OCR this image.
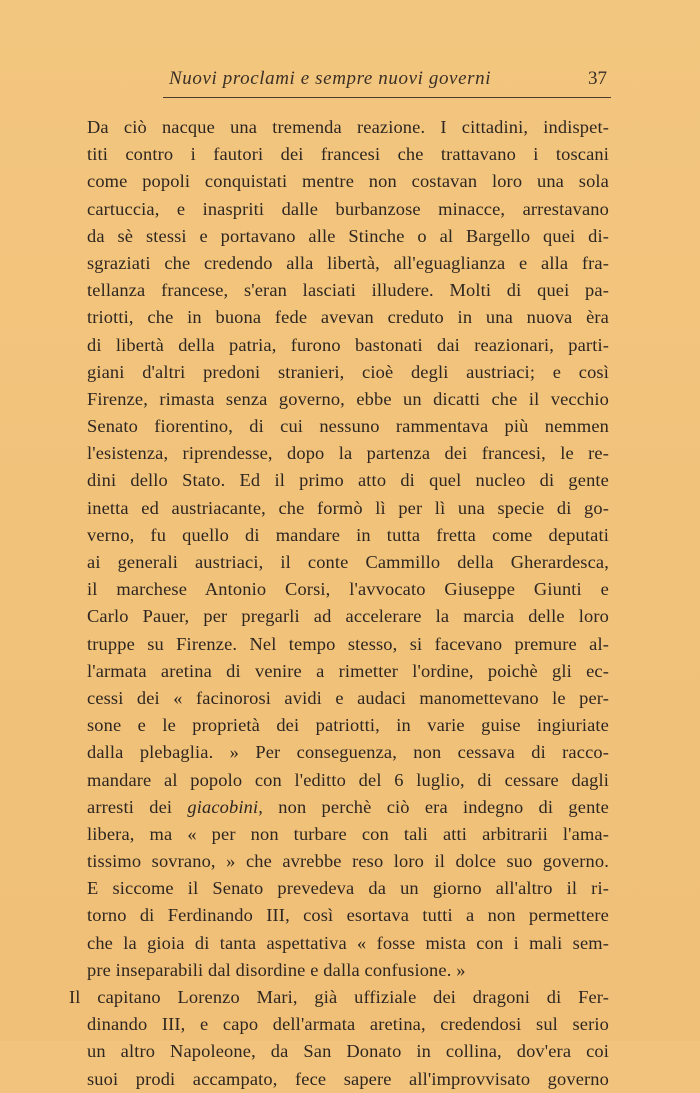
Nuovi proclami e sempre nuovi governi	37
Da ciò nacque una tremenda reazione. I cittadini, indispet-
titi contro i fautori dei francesi che trattavano i toscani
come popoli conquistati mentre non costavan loro una sola
cartuccia, e inaspriti dalle burbanzose minacce, arrestavano
da sè stessi e portavano alle Stinche o al Bargello quei di-
sgraziati che credendo alla libertà, all'eguaglianza e alla fra-
tellanza francese, s'eran lasciati illudere. Molti di quei pa-
triotti, che in buona fede avevan creduto in una nuova èra
di libertà della patria, furono bastonati dai reazionari, parti-
giani d'altri predoni stranieri, cioè degli austriaci; e così
Firenze, rimasta senza governo, ebbe un dicatti che il vecchio
Senato fiorentino, di cui nessuno rammentava più nemmen
l'esistenza, riprendesse, dopo la partenza dei francesi, le re-
dini dello Stato. Ed il primo atto di quel nucleo di gente
inetta ed austriacante, che formò lì per lì una specie di go-
verno, fu quello di mandare in tutta fretta come deputati
ai generali austriaci, il conte Cammillo della Gherardesca,
il marchese Antonio Corsi, l'avvocato Giuseppe Giunti e
Carlo Pauer, per pregarli ad accelerare la marcia delle loro
truppe su Firenze. Nel tempo stesso, si facevano premure al-
l'armata aretina di venire a rimetter l'ordine, poichè gli ec-
cessi dei « facinorosi avidi e audaci manomettevano le per-
sone e le proprietà dei patriotti, in varie guise ingiuriate
dalla plebaglia. » Per conseguenza, non cessava di racco-
mandare al popolo con l'editto del 6 luglio, di cessare dagli
arresti dei giacobini, non perchè ciò era indegno di gente
libera, ma « per non turbare con tali atti arbitrarii l'ama-
tissimo sovrano, » che avrebbe reso loro il dolce suo governo.
E siccome il Senato prevedeva da un giorno all'altro il ri-
torno di Ferdinando III, così esortava tutti a non permettere
che la gioia di tanta aspettativa « fosse mista con i mali sem-
pre inseparabili dal disordine e dalla confusione. »
Il capitano Lorenzo Mari, già uffiziale dei dragoni di Fer-
dinando III, e capo dell'armata aretina, credendosi sul serio
un altro Napoleone, da San Donato in collina, dov'era coi
suoi prodi accampato, fece sapere all'improvvisato governo
